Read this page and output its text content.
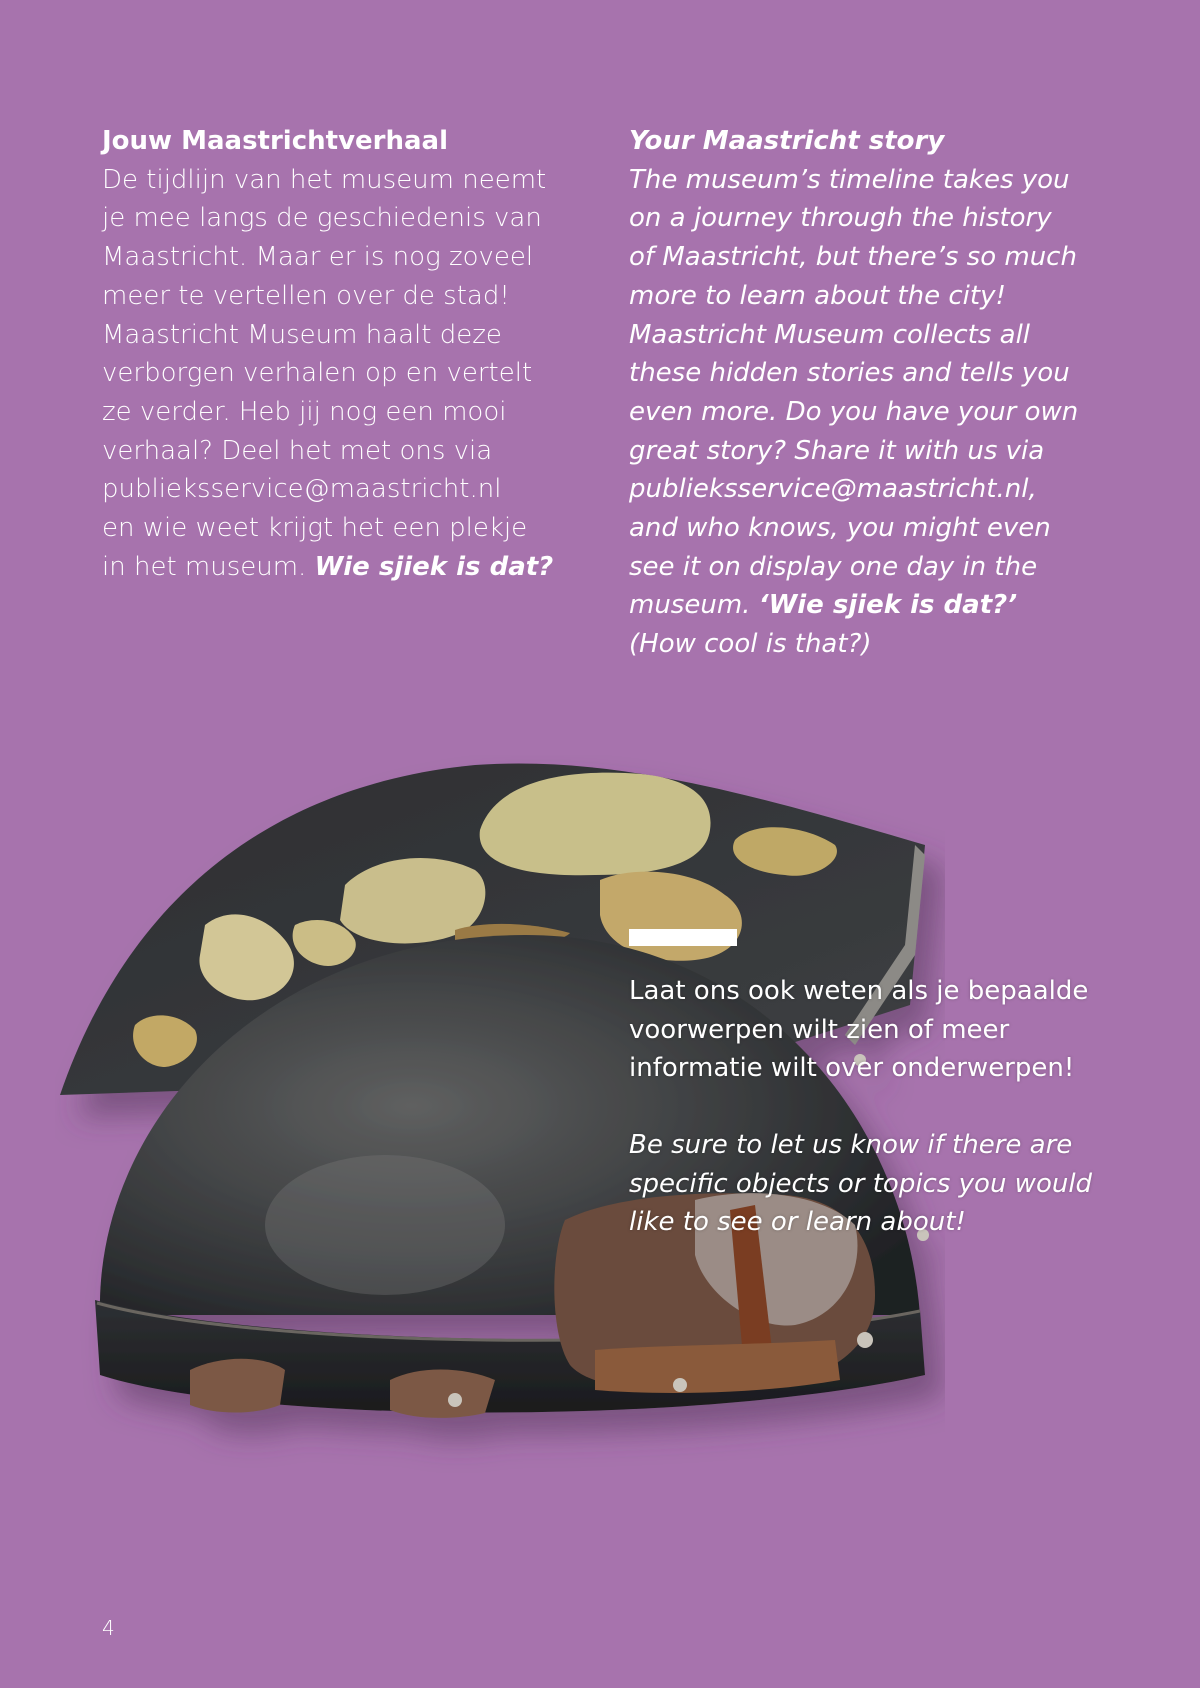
Jouw Maastrichtverhaal
De tijdlijn van het museum neemt
je mee langs de geschiedenis van
Maastricht. Maar er is nog zoveel
meer te vertellen over de stad!
Maastricht Museum haalt deze
verborgen verhalen op en vertelt
ze verder. Heb jij nog een mooi
verhaal? Deel het met ons via
publieksservice@maastricht.nl
en wie weet krijgt het een plekje
in het museum. Wie sjiek is dat?
Your Maastricht story
The museum’s timeline takes you
on a journey through the history
of Maastricht, but there’s so much
more to learn about the city!
Maastricht Museum collects all
these hidden stories and tells you
even more. Do you have your own
great story? Share it with us via
publieksservice@maastricht.nl,
and who knows, you might even
see it on display one day in the
museum. ‘Wie sjiek is dat?’
(How cool is that?)
Laat ons ook weten als je bepaalde
voorwerpen wilt zien of meer
informatie wilt over onderwerpen!
Be sure to let us know if there are
specific objects or topics you would
like to see or learn about!
4
